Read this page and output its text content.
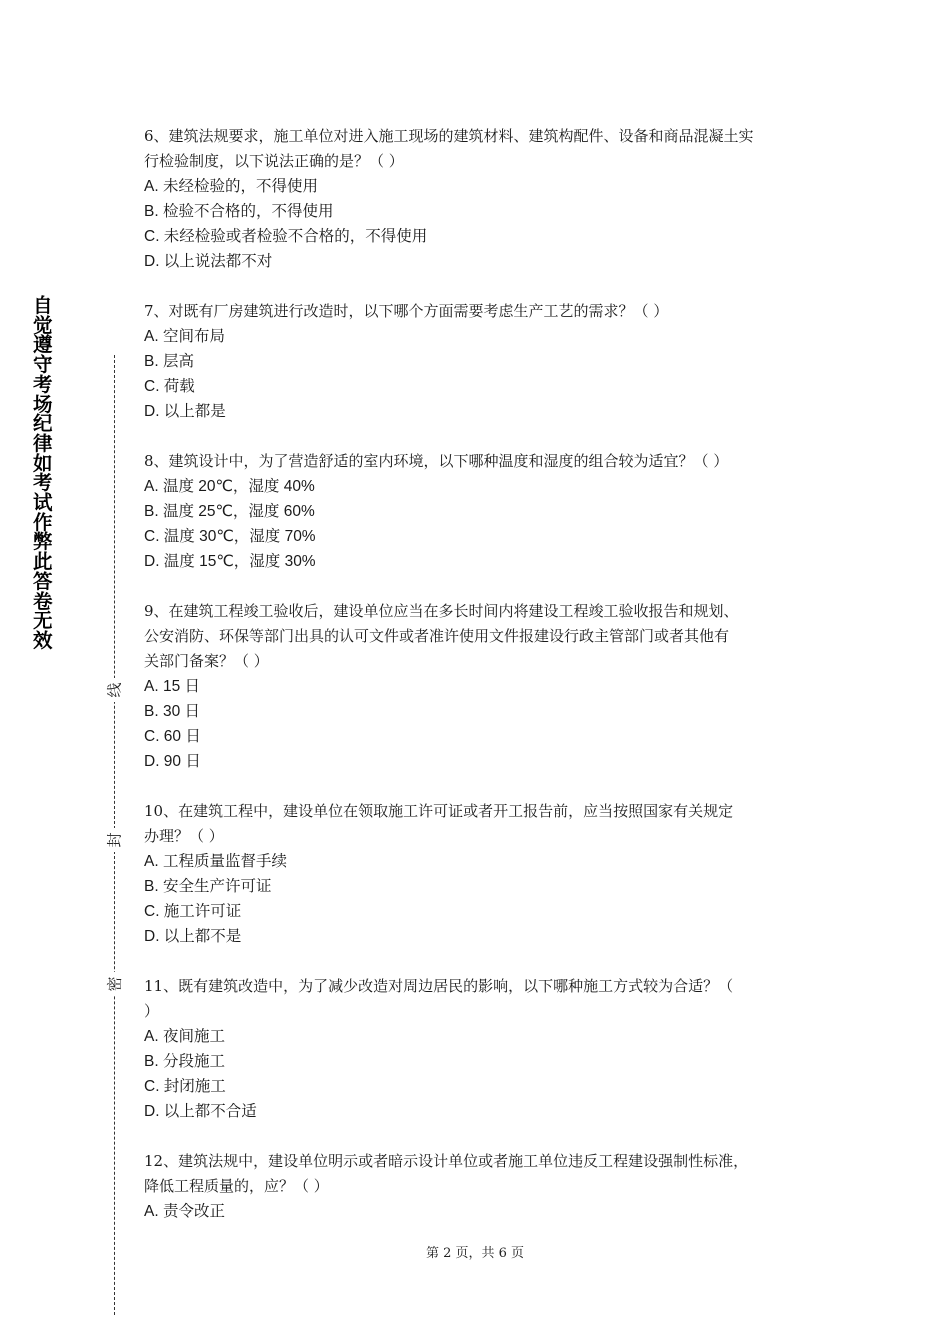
自觉遵守考场纪律如考试作弊此答卷无效
线
封
密

6、建筑法规要求，施工单位对进入施工现场的建筑材料、建筑构配件、设备和商品混凝土实

行检验制度，以下说法正确的是？（ ）

A. 未经检验的，不得使用

B. 检验不合格的，不得使用

C. 未经检验或者检验不合格的，不得使用

D. 以上说法都不对

7、对既有厂房建筑进行改造时，以下哪个方面需要考虑生产工艺的需求？（ ）

A. 空间布局

B. 层高

C. 荷载

D. 以上都是

8、建筑设计中，为了营造舒适的室内环境，以下哪种温度和湿度的组合较为适宜？（ ）

A. 温度 20℃，湿度 40%

B. 温度 25℃，湿度 60%

C. 温度 30℃，湿度 70%

D. 温度 15℃，湿度 30%

9、在建筑工程竣工验收后，建设单位应当在多长时间内将建设工程竣工验收报告和规划、

公安消防、环保等部门出具的认可文件或者准许使用文件报建设行政主管部门或者其他有

关部门备案？（ ）

A. 15 日

B. 30 日

C. 60 日

D. 90 日

10、在建筑工程中，建设单位在领取施工许可证或者开工报告前，应当按照国家有关规定

办理？（ ）

A. 工程质量监督手续

B. 安全生产许可证

C. 施工许可证

D. 以上都不是

11、既有建筑改造中，为了减少改造对周边居民的影响，以下哪种施工方式较为合适？（

）

A. 夜间施工

B. 分段施工

C. 封闭施工

D. 以上都不合适

12、建筑法规中，建设单位明示或者暗示设计单位或者施工单位违反工程建设强制性标准，

降低工程质量的，应？（ ）

A. 责令改正

第 2 页，共 6 页
